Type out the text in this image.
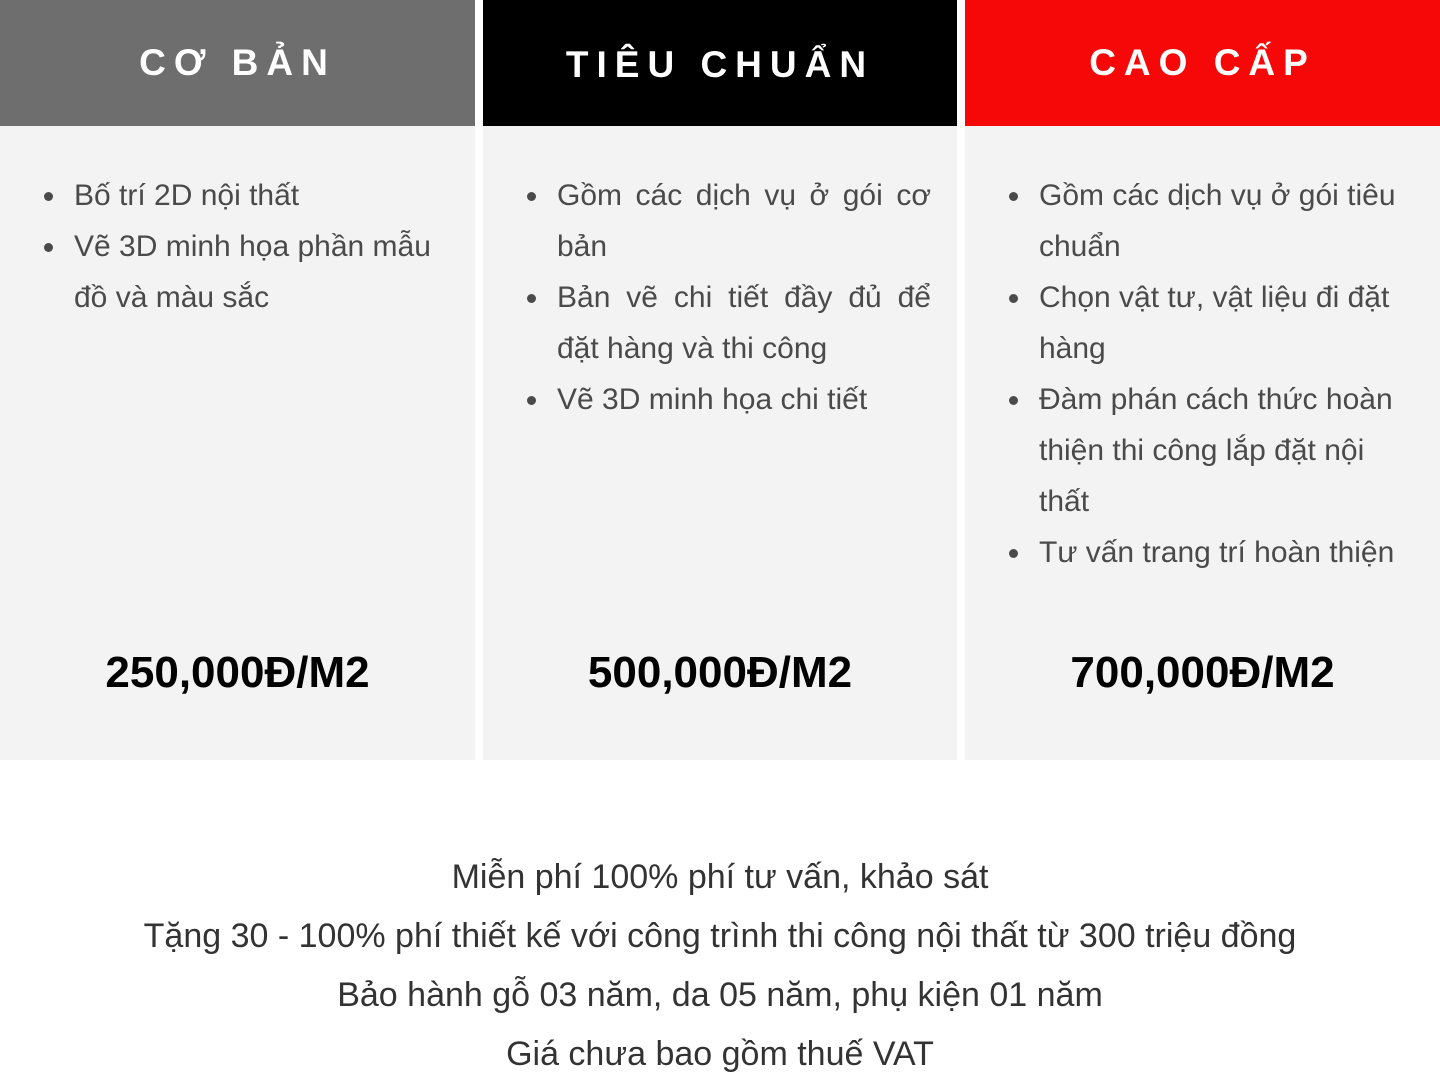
CƠ BẢN
Bố trí 2D nội thất
Vẽ 3D minh họa phần mẫu đồ và màu sắc
250,000Đ/M2
TIÊU CHUẨN
Gồm các dịch vụ ở gói cơ bản
Bản vẽ chi tiết đầy đủ để đặt hàng và thi công
Vẽ 3D minh họa chi tiết
500,000Đ/M2
CAO CẤP
Gồm các dịch vụ ở gói tiêu chuẩn
Chọn vật tư, vật liệu đi đặt hàng
Đàm phán cách thức hoàn thiện thi công lắp đặt nội thất
Tư vấn trang trí hoàn thiện
700,000Đ/M2

Miễn phí 100% phí tư vấn, khảo sát

Tặng 30 - 100% phí thiết kế với công trình thi công nội thất từ 300 triệu đồng

Bảo hành gỗ 03 năm, da 05 năm, phụ kiện 01 năm

Giá chưa bao gồm thuế VAT
